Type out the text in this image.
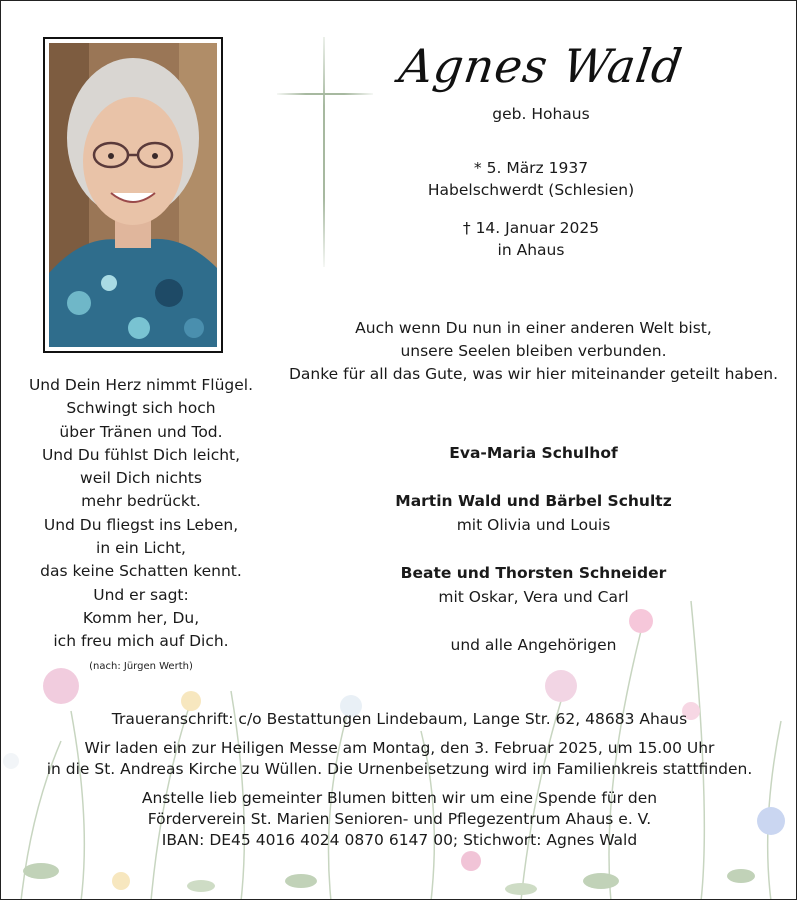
Agnes Wald
geb. Hohaus
* 5. März 1937
Habelschwerdt (Schlesien)
† 14. Januar 2025
in Ahaus
Auch wenn Du nun in einer anderen Welt bist,
unsere Seelen bleiben verbunden.
Danke für all das Gute, was wir hier miteinander geteilt haben.
Und Dein Herz nimmt Flügel.
Schwingt sich hoch
über Tränen und Tod.
Und Du fühlst Dich leicht,
weil Dich nichts
mehr bedrückt.
Und Du fliegst ins Leben,
in ein Licht,
das keine Schatten kennt.
Und er sagt:
Komm her, Du,
ich freu mich auf Dich.
(nach: Jürgen Werth)
Eva-Maria Schulhof
Martin Wald und Bärbel Schultz
mit Olivia und Louis
Beate und Thorsten Schneider
mit Oskar, Vera und Carl
und alle Angehörigen
Traueranschrift: c/o Bestattungen Lindebaum, Lange Str. 62, 48683 Ahaus
Wir laden ein zur Heiligen Messe am Montag, den 3. Februar 2025, um 15.00 Uhr
in die St. Andreas Kirche zu Wüllen. Die Urnenbeisetzung wird im Familienkreis stattfinden.
Anstelle lieb gemeinter Blumen bitten wir um eine Spende für den
Förderverein St. Marien Senioren- und Pflegezentrum Ahaus e. V.
IBAN: DE45 4016 4024 0870 6147 00; Stichwort: Agnes Wald
